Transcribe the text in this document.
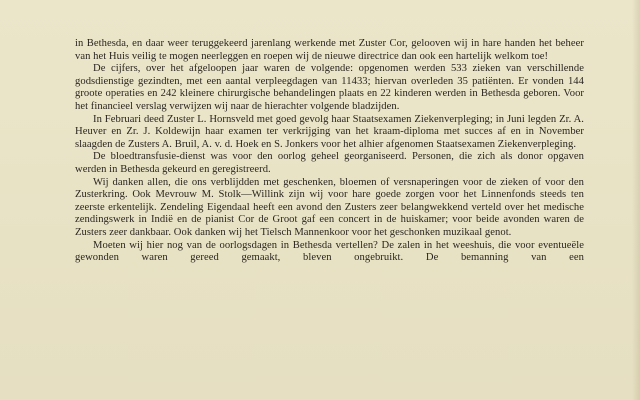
in Bethesda, en daar weer teruggekeerd jarenlang werkende met Zuster Cor, gelooven wij in hare handen het beheer van het Huis veilig te mogen neerleggen en roepen wij de nieuwe directrice dan ook een hartelijk welkom toe!

De cijfers, over het afgeloopen jaar waren de volgende: opgenomen werden 533 zieken van verschillende godsdienstige gezindten, met een aantal verpleegdagen van 11433; hiervan overleden 35 patiënten. Er vonden 144 groote operaties en 242 kleinere chirurgische behandelingen plaats en 22 kinderen werden in Bethesda geboren. Voor het financieel verslag verwijzen wij naar de hierachter volgende bladzijden.

In Februari deed Zuster L. Hornsveld met goed gevolg haar Staatsexamen Ziekenverpleging; in Juni legden Zr. A. Heuver en Zr. J. Koldewijn haar examen ter verkrijging van het kraam-diploma met succes af en in November slaagden de Zusters A. Bruil, A. v. d. Hoek en S. Jonkers voor het alhier afgenomen Staatsexamen Ziekenverpleging.

De bloedtransfusie-dienst was voor den oorlog geheel georganiseerd. Personen, die zich als donor opgaven werden in Bethesda gekeurd en geregistreerd.

Wij danken allen, die ons verblijdden met geschenken, bloemen of versnaperingen voor de zieken of voor den Zusterkring. Ook Mevrouw M. Stolk—Willink zijn wij voor hare goede zorgen voor het Linnenfonds steeds ten zeerste erkentelijk. Zendeling Eigendaal heeft een avond den Zusters zeer belangwekkend verteld over het medische zendingswerk in Indië en de pianist Cor de Groot gaf een concert in de huiskamer; voor beide avonden waren de Zusters zeer dankbaar. Ook danken wij het Tielsch Mannenkoor voor het geschonken muzikaal genot.

Moeten wij hier nog van de oorlogsdagen in Bethesda vertellen? De zalen in het weeshuis, die voor eventueële gewonden waren gereed gemaakt, bleven ongebruikt. De bemanning van een
